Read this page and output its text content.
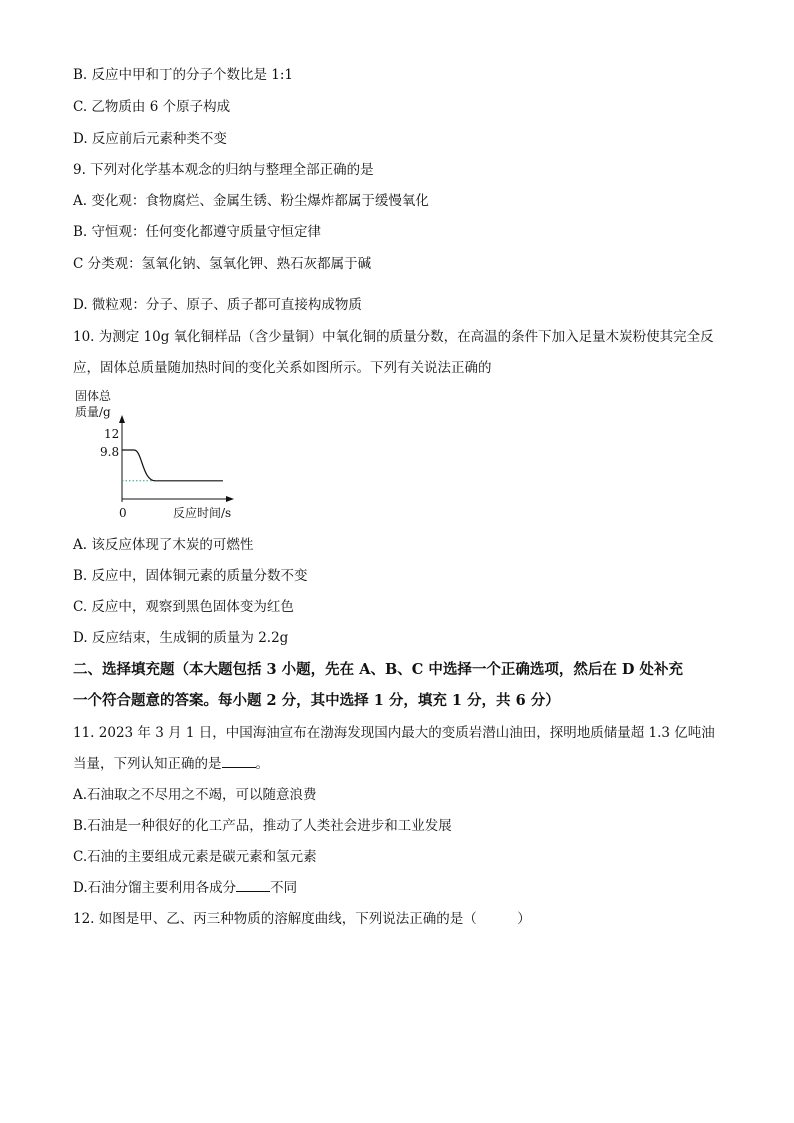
B. 反应中甲和丁的分子个数比是 1:1
C. 乙物质由 6 个原子构成
D. 反应前后元素种类不变
9. 下列对化学基本观念的归纳与整理全部正确的是
A. 变化观：食物腐烂、金属生锈、粉尘爆炸都属于缓慢氧化
B. 守恒观：任何变化都遵守质量守恒定律
C 分类观：氢氧化钠、氢氧化钾、熟石灰都属于碱
D. 微粒观：分子、原子、质子都可直接构成物质
10. 为测定 10g 氧化铜样品（含少量铜）中氧化铜的质量分数，在高温的条件下加入足量木炭粉使其完全反
应，固体总质量随加热时间的变化关系如图所示。下列有关说法正确的
固体总
质量/g
12
9.8
0	反应时间/s
A. 该反应体现了木炭的可燃性
B. 反应中，固体铜元素的质量分数不变
C. 反应中，观察到黑色固体变为红色
D. 反应结束，生成铜的质量为 2.2g
二、选择填充题（本大题包括 3 小题，先在 A、B、C 中选择一个正确选项，然后在 D 处补充
一个符合题意的答案。每小题 2 分，其中选择 1 分，填充 1 分，共 6 分）
11. 2023 年 3 月 1 日，中国海油宣布在渤海发现国内最大的变质岩潜山油田，探明地质储量超 1.3 亿吨油
当量，下列认知正确的是	。
A.石油取之不尽用之不竭，可以随意浪费
B.石油是一种很好的化工产品，推动了人类社会进步和工业发展
C.石油的主要组成元素是碳元素和氢元素
D.石油分馏主要利用各成分	不同
12. 如图是甲、乙、丙三种物质的溶解度曲线，下列说法正确的是（　　　）
